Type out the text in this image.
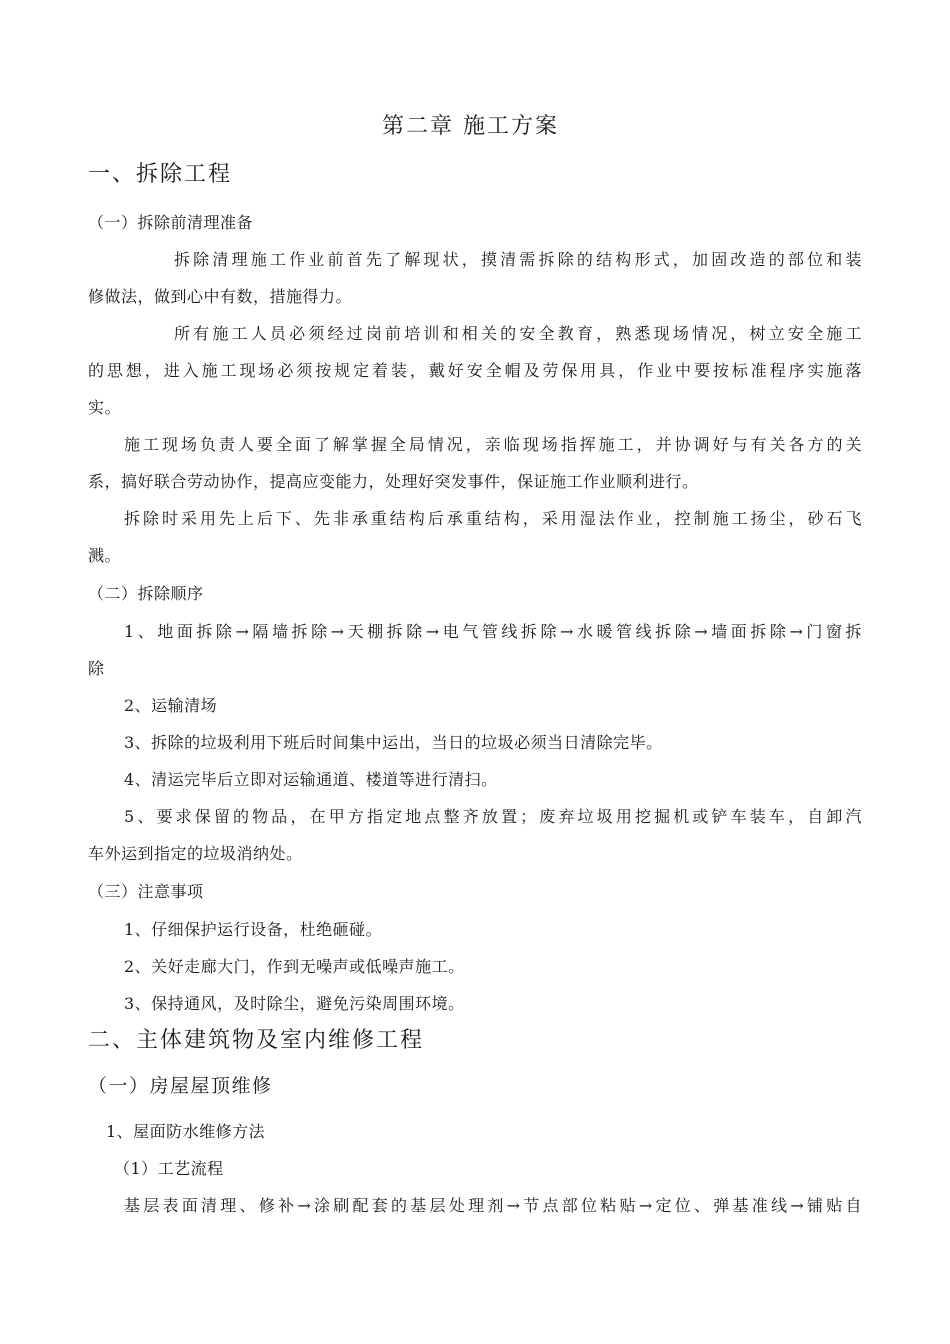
第二章 施工方案
一、拆除工程
（一）拆除前清理准备
拆除清理施工作业前首先了解现状，摸清需拆除的结构形式，加固改造的部位和装
修做法，做到心中有数，措施得力。
所有施工人员必须经过岗前培训和相关的安全教育，熟悉现场情况，树立安全施工
的思想，进入施工现场必须按规定着装，戴好安全帽及劳保用具，作业中要按标准程序实施落
实。
施工现场负责人要全面了解掌握全局情况，亲临现场指挥施工，并协调好与有关各方的关
系，搞好联合劳动协作，提高应变能力，处理好突发事件，保证施工作业顺利进行。
拆除时采用先上后下、先非承重结构后承重结构，采用湿法作业，控制施工扬尘，砂石飞
溅。
（二）拆除顺序
1、地面拆除→隔墙拆除→天棚拆除→电气管线拆除→水暖管线拆除→墙面拆除→门窗拆
除
2、运输清场
3、拆除的垃圾利用下班后时间集中运出，当日的垃圾必须当日清除完毕。
4、清运完毕后立即对运输通道、楼道等进行清扫。
5、要求保留的物品，在甲方指定地点整齐放置；废弃垃圾用挖掘机或铲车装车，自卸汽
车外运到指定的垃圾消纳处。
（三）注意事项
1、仔细保护运行设备，杜绝砸碰。
2、关好走廊大门，作到无噪声或低噪声施工。
3、保持通风，及时除尘，避免污染周围环境。
二、主体建筑物及室内维修工程
（一）房屋屋顶维修
1、屋面防水维修方法
（1）工艺流程
基层表面清理、修补→涂刷配套的基层处理剂→节点部位粘贴→定位、弹基准线→铺贴自
